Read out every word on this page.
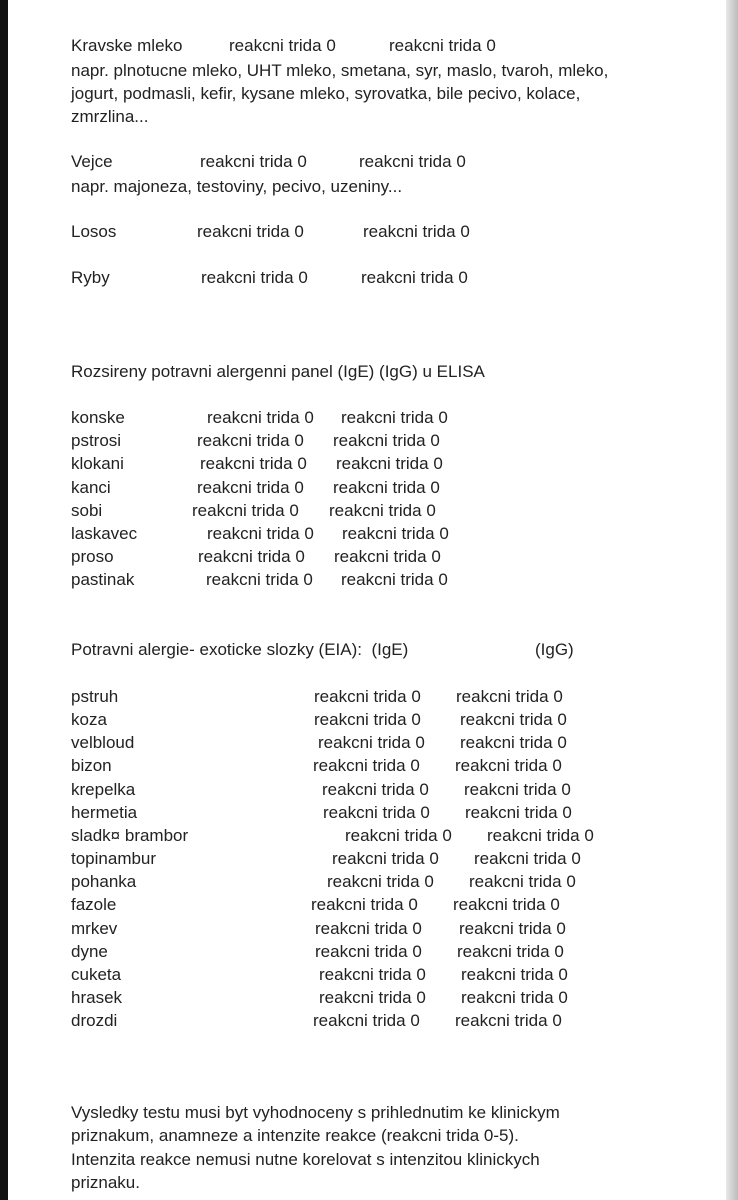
Kravske mleko	reakcni trida 0	reakcni trida 0
napr. plnotucne mleko, UHT mleko, smetana, syr, maslo, tvaroh, mleko,
jogurt, podmasli, kefir, kysane mleko, syrovatka, bile pecivo, kolace,
zmrzlina...
Vejce	reakcni trida 0	reakcni trida 0
napr. majoneza, testoviny, pecivo, uzeniny...
Losos	reakcni trida 0	reakcni trida 0
Ryby	reakcni trida 0	reakcni trida 0
Rozsireny potravni alergenni panel (IgE) (IgG) u ELISA
konske	reakcni trida 0 reakcni trida 0
pstrosi	reakcni trida 0 reakcni trida 0
klokani	reakcni trida 0 reakcni trida 0
kanci	reakcni trida 0 reakcni trida 0
sobi	reakcni trida 0 reakcni trida 0
laskavec	reakcni trida 0 reakcni trida 0
proso	reakcni trida 0 reakcni trida 0
pastinak	reakcni trida 0 reakcni trida 0
Potravni alergie- exoticke slozky (EIA):  (IgE)	(IgG)
pstruh	reakcni trida 0 reakcni trida 0
koza	reakcni trida 0 reakcni trida 0
velbloud	reakcni trida 0 reakcni trida 0
bizon	reakcni trida 0 reakcni trida 0
krepelka	reakcni trida 0 reakcni trida 0
hermetia	reakcni trida 0 reakcni trida 0
sladk¤ brambor	reakcni trida 0 reakcni trida 0
topinambur	reakcni trida 0 reakcni trida 0
pohanka	reakcni trida 0 reakcni trida 0
fazole	reakcni trida 0 reakcni trida 0
mrkev	reakcni trida 0 reakcni trida 0
dyne	reakcni trida 0 reakcni trida 0
cuketa	reakcni trida 0 reakcni trida 0
hrasek	reakcni trida 0 reakcni trida 0
drozdi	reakcni trida 0 reakcni trida 0
Vysledky testu musi byt vyhodnoceny s prihlednutim ke klinickym
priznakum, anamneze a intenzite reakce (reakcni trida 0-5).
Intenzita reakce nemusi nutne korelovat s intenzitou klinickych
priznaku.
